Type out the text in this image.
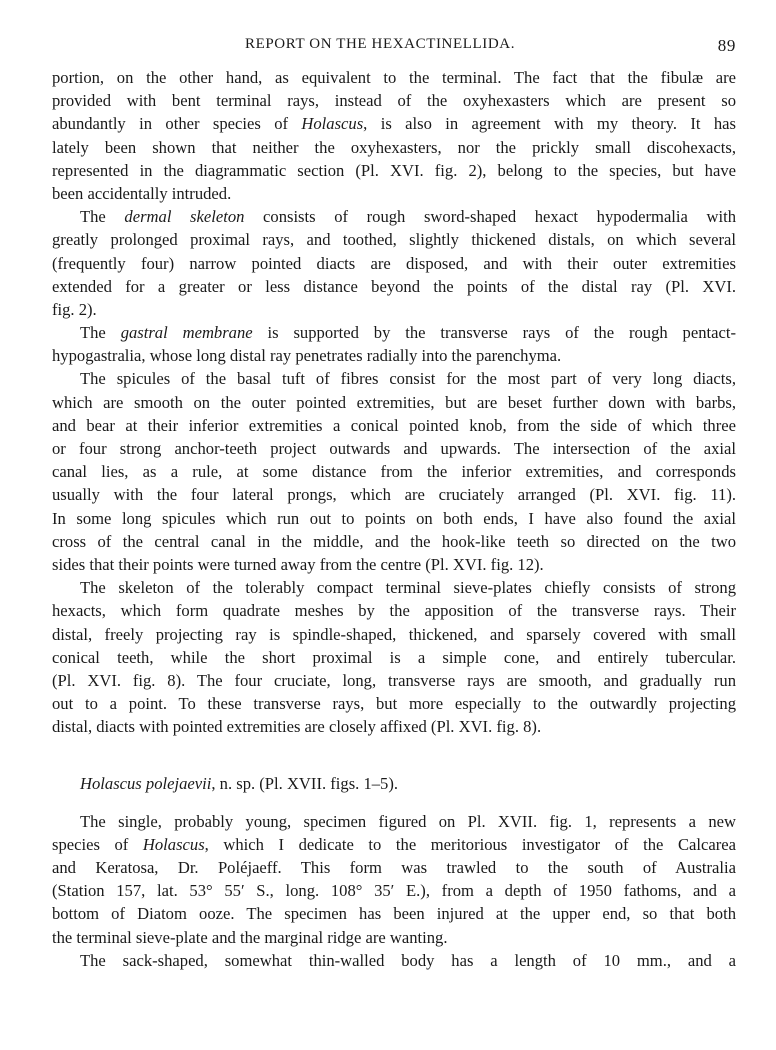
REPORT ON THE HEXACTINELLIDA.	89
portion, on the other hand, as equivalent to the terminal. The fact that the fibulæ are
provided with bent terminal rays, instead of the oxyhexasters which are present so
abundantly in other species of Holascus, is also in agreement with my theory. It has
lately been shown that neither the oxyhexasters, nor the prickly small discohexacts,
represented in the diagrammatic section (Pl. XVI. fig. 2), belong to the species, but have
been accidentally intruded.
The dermal skeleton consists of rough sword-shaped hexact hypodermalia with
greatly prolonged proximal rays, and toothed, slightly thickened distals, on which several
(frequently four) narrow pointed diacts are disposed, and with their outer extremities
extended for a greater or less distance beyond the points of the distal ray (Pl. XVI.
fig. 2).
The gastral membrane is supported by the transverse rays of the rough pentact-
hypogastralia, whose long distal ray penetrates radially into the parenchyma.
The spicules of the basal tuft of fibres consist for the most part of very long diacts,
which are smooth on the outer pointed extremities, but are beset further down with barbs,
and bear at their inferior extremities a conical pointed knob, from the side of which three
or four strong anchor-teeth project outwards and upwards. The intersection of the axial
canal lies, as a rule, at some distance from the inferior extremities, and corresponds
usually with the four lateral prongs, which are cruciately arranged (Pl. XVI. fig. 11).
In some long spicules which run out to points on both ends, I have also found the axial
cross of the central canal in the middle, and the hook-like teeth so directed on the two
sides that their points were turned away from the centre (Pl. XVI. fig. 12).
The skeleton of the tolerably compact terminal sieve-plates chiefly consists of strong
hexacts, which form quadrate meshes by the apposition of the transverse rays. Their
distal, freely projecting ray is spindle-shaped, thickened, and sparsely covered with small
conical teeth, while the short proximal is a simple cone, and entirely tubercular.
(Pl. XVI. fig. 8). The four cruciate, long, transverse rays are smooth, and gradually run
out to a point. To these transverse rays, but more especially to the outwardly projecting
distal, diacts with pointed extremities are closely affixed (Pl. XVI. fig. 8).
Holascus polejaevii, n. sp. (Pl. XVII. figs. 1–5).
The single, probably young, specimen figured on Pl. XVII. fig. 1, represents a new
species of Holascus, which I dedicate to the meritorious investigator of the Calcarea
and Keratosa, Dr. Poléjaeff. This form was trawled to the south of Australia
(Station 157, lat. 53° 55′ S., long. 108° 35′ E.), from a depth of 1950 fathoms, and a
bottom of Diatom ooze. The specimen has been injured at the upper end, so that both
the terminal sieve-plate and the marginal ridge are wanting.
The sack-shaped, somewhat thin-walled body has a length of 10 mm., and a
